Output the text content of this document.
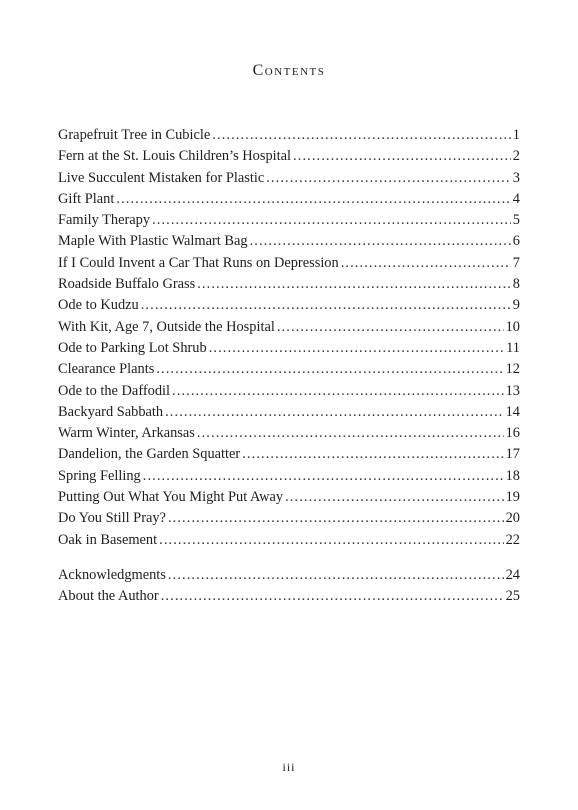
Contents
Grapefruit Tree in Cubicle .....	1
Fern at the St. Louis Children’s Hospital .....	2
Live Succulent Mistaken for Plastic .....	3
Gift Plant .....	4
Family Therapy .....	5
Maple With Plastic Walmart Bag .....	6
If I Could Invent a Car That Runs on Depression .....	7
Roadside Buffalo Grass .....	8
Ode to Kudzu .....	9
With Kit, Age 7, Outside the Hospital .....	10
Ode to Parking Lot Shrub .....	11
Clearance Plants .....	12
Ode to the Daffodil .....	13
Backyard Sabbath .....	14
Warm Winter, Arkansas .....	16
Dandelion, the Garden Squatter .....	17
Spring Felling .....	18
Putting Out What You Might Put Away .....	19
Do You Still Pray? .....	20
Oak in Basement .....	22
Acknowledgments .....	24
About the Author .....	25
iii
